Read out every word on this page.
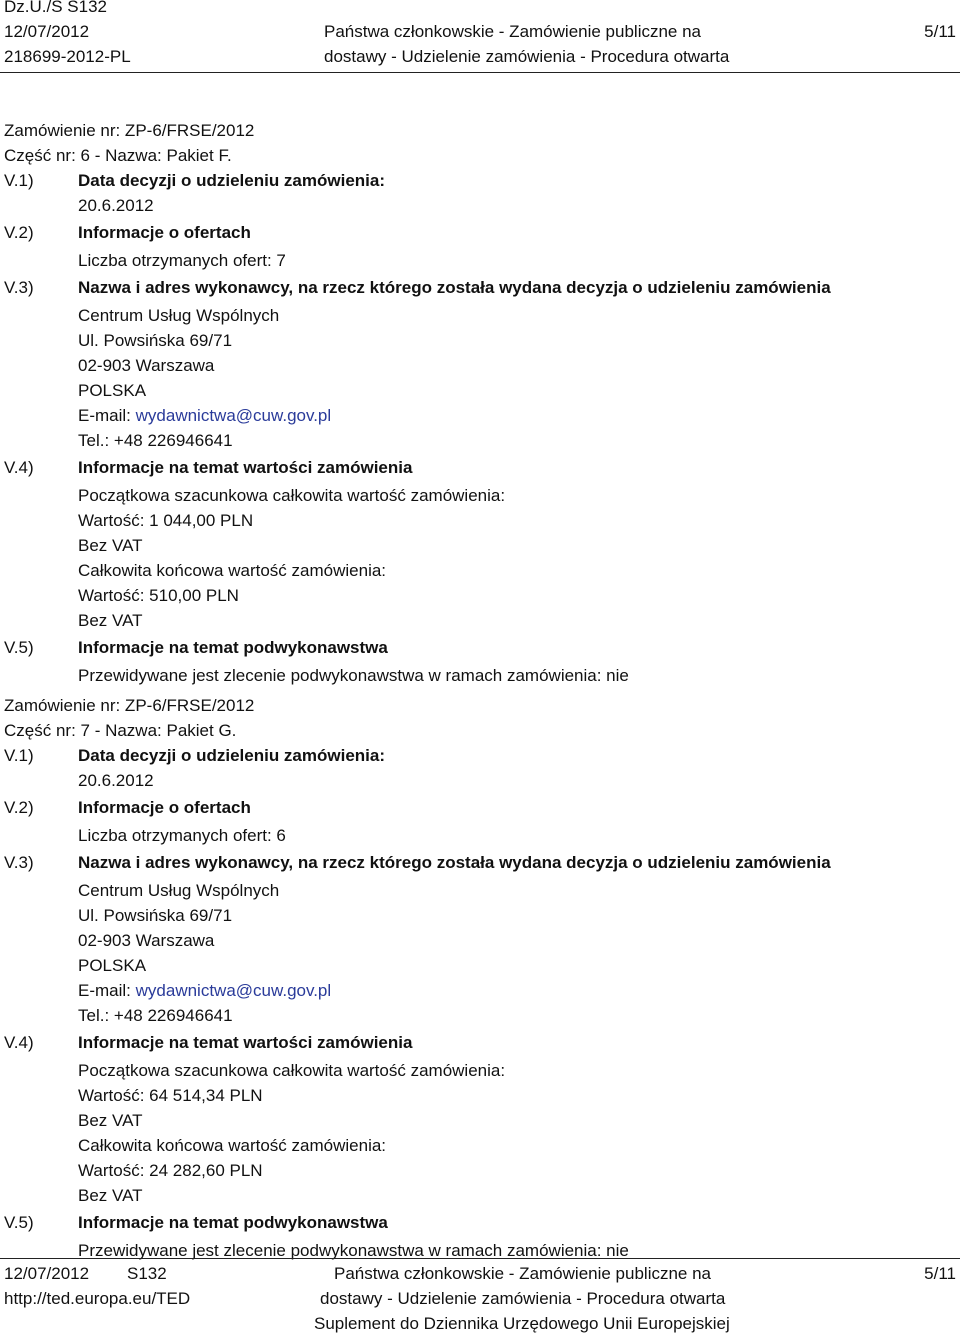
Dz.U./S S132
12/07/2012
218699-2012-PL
Państwa członkowskie - Zamówienie publiczne na
dostawy - Udzielenie zamówienia - Procedura otwarta
5/11
Zamówienie nr: ZP-6/FRSE/2012
Część nr: 6 - Nazwa: Pakiet F.
V.1)	Data decyzji o udzieleniu zamówienia:
20.6.2012
V.2)	Informacje o ofertach
Liczba otrzymanych ofert: 7
V.3)	Nazwa i adres wykonawcy, na rzecz którego została wydana decyzja o udzieleniu zamówienia
Centrum Usług Wspólnych
Ul. Powsińska 69/71
02-903 Warszawa
POLSKA
E-mail: wydawnictwa@cuw.gov.pl
Tel.: +48 226946641
V.4)	Informacje na temat wartości zamówienia
Początkowa szacunkowa całkowita wartość zamówienia:
Wartość: 1 044,00 PLN
Bez VAT
Całkowita końcowa wartość zamówienia:
Wartość: 510,00 PLN
Bez VAT
V.5)	Informacje na temat podwykonawstwa
Przewidywane jest zlecenie podwykonawstwa w ramach zamówienia: nie
Zamówienie nr: ZP-6/FRSE/2012
Część nr: 7 - Nazwa: Pakiet G.
V.1)	Data decyzji o udzieleniu zamówienia:
20.6.2012
V.2)	Informacje o ofertach
Liczba otrzymanych ofert: 6
V.3)	Nazwa i adres wykonawcy, na rzecz którego została wydana decyzja o udzieleniu zamówienia
Centrum Usług Wspólnych
Ul. Powsińska 69/71
02-903 Warszawa
POLSKA
E-mail: wydawnictwa@cuw.gov.pl
Tel.: +48 226946641
V.4)	Informacje na temat wartości zamówienia
Początkowa szacunkowa całkowita wartość zamówienia:
Wartość: 64 514,34 PLN
Bez VAT
Całkowita końcowa wartość zamówienia:
Wartość: 24 282,60 PLN
Bez VAT
V.5)	Informacje na temat podwykonawstwa
Przewidywane jest zlecenie podwykonawstwa w ramach zamówienia: nie
12/07/2012 S132
http://ted.europa.eu/TED
Państwa członkowskie - Zamówienie publiczne na
dostawy - Udzielenie zamówienia - Procedura otwarta
Suplement do Dziennika Urzędowego Unii Europejskiej
5/11
